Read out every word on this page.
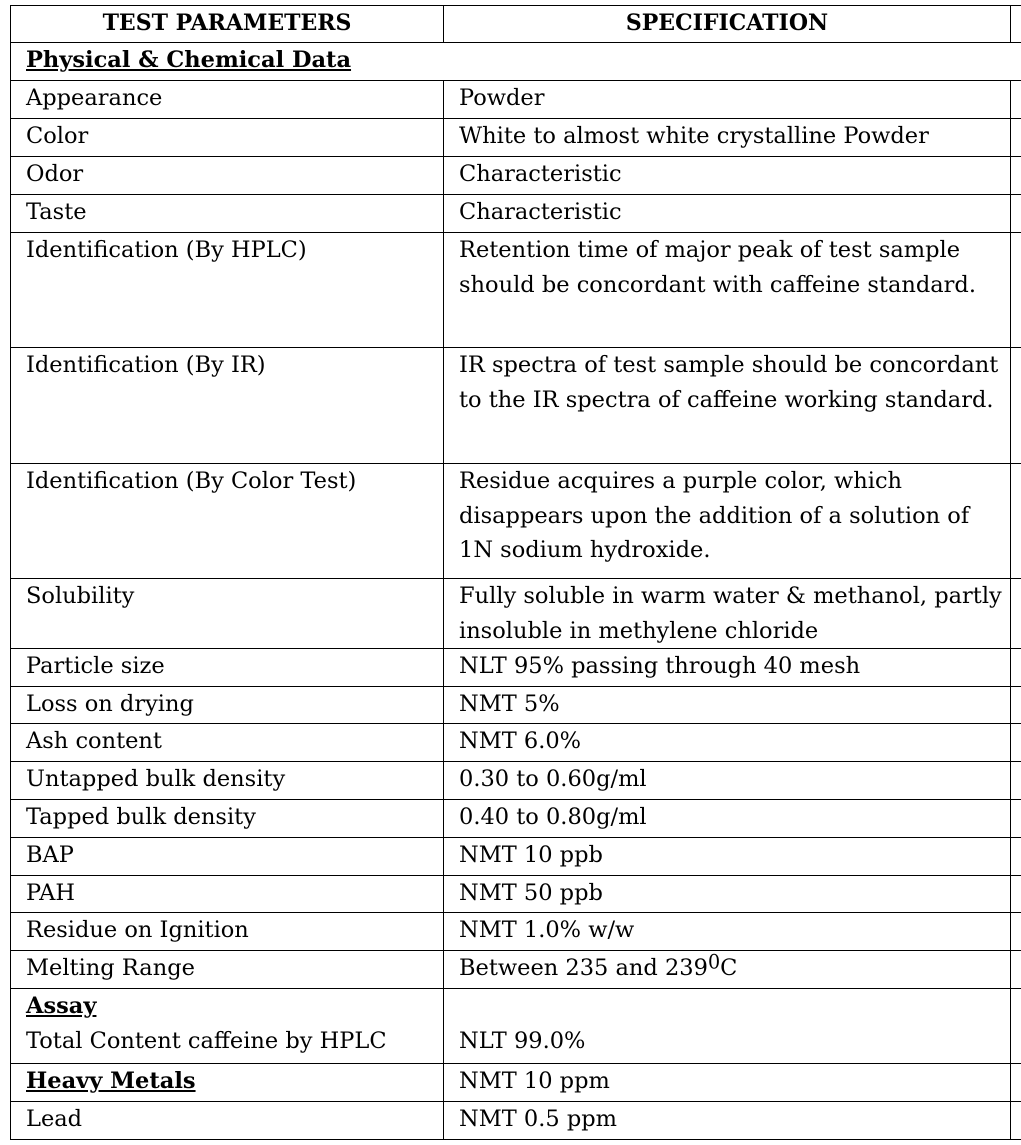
TEST PARAMETERS	SPECIFICATION	
Physical & Chemical Data		
Appearance	Powder	
Color	White to almost white crystalline Powder	
Odor	Characteristic	
Taste	Characteristic	
Identification (By HPLC)	Retention time of major peak of test sample should be concordant with caffeine standard.	
Identification (By IR)	IR spectra of test sample should be concordant to the IR spectra of caffeine working standard.	
Identification (By Color Test)	Residue acquires a purple color, which disappears upon the addition of a solution of 1N sodium hydroxide.	
Solubility	Fully soluble in warm water & methanol, partly insoluble in methylene chloride	
Particle size	NLT 95% passing through 40 mesh	
Loss on drying	NMT 5%	
Ash content	NMT 6.0%	
Untapped bulk density	0.30 to 0.60g/ml	
Tapped bulk density	0.40 to 0.80g/ml	
BAP	NMT 10 ppb	
PAH	NMT 50 ppb	
Residue on Ignition	NMT 1.0% w/w	
Melting Range	Between 235 and $239^0C$	

Assay
Total Content caffeine by HPLC	NLT 99.0%	

Heavy Metals	NMT 10 ppm	
Lead	NMT 0.5 ppm	
